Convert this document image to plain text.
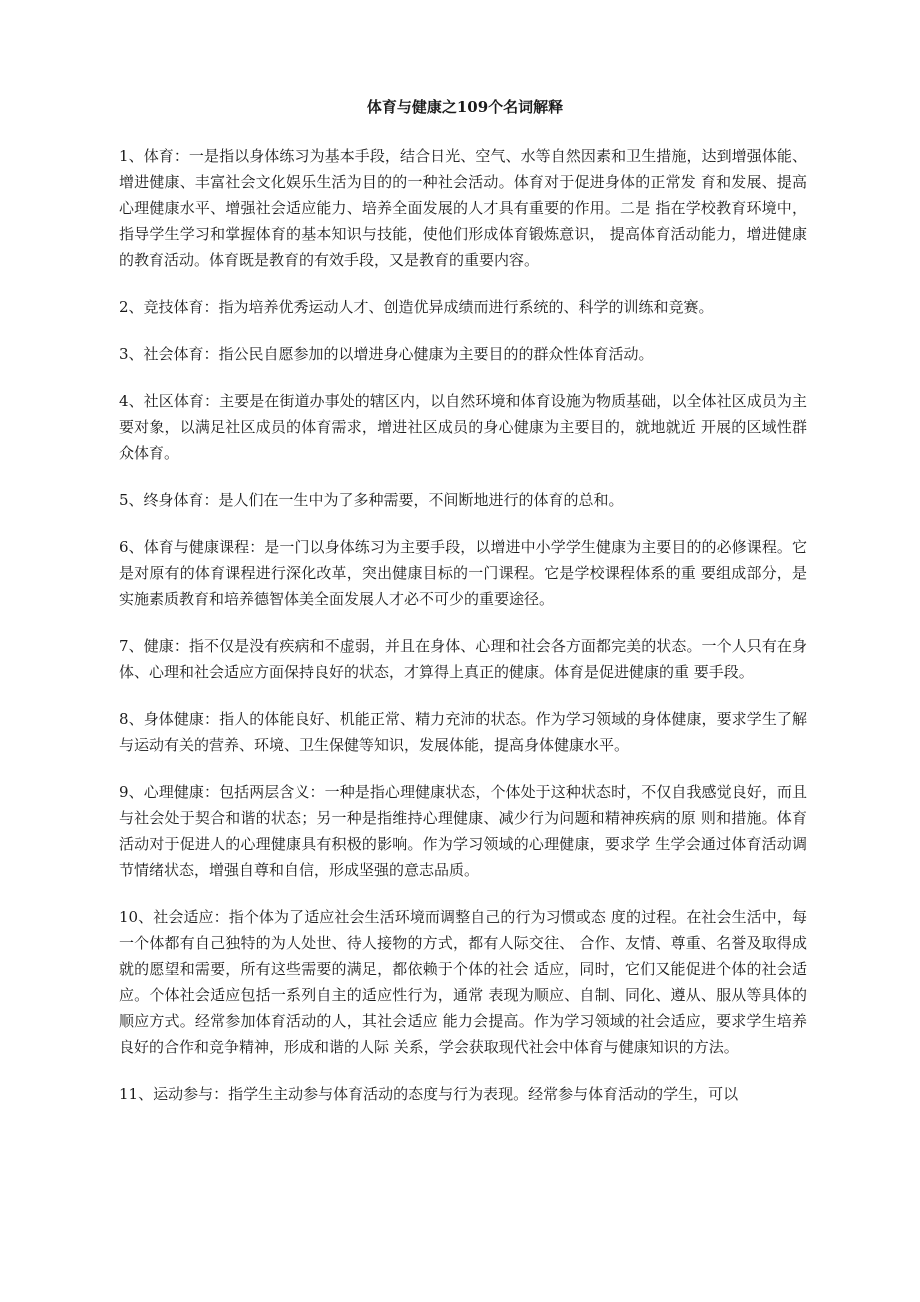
体育与健康之109个名词解释

1、体育：一是指以身体练习为基本手段，结合日光、空气、水等自然因素和卫生措施，达到增强体能、增进健康、丰富社会文化娱乐生活为目的的一种社会活动。体育对于促进身体的正常发 育和发展、提高心理健康水平、增强社会适应能力、培养全面发展的人才具有重要的作用。二是 指在学校教育环境中，指导学生学习和掌握体育的基本知识与技能，使他们形成体育锻炼意识， 提高体育活动能力，增进健康的教育活动。体育既是教育的有效手段，又是教育的重要内容。

2、竞技体育：指为培养优秀运动人才、创造优异成绩而进行系统的、科学的训练和竞赛。

3、社会体育：指公民自愿参加的以增进身心健康为主要目的的群众性体育活动。

4、社区体育：主要是在街道办事处的辖区内，以自然环境和体育设施为物质基础，以全体社区成员为主要对象，以满足社区成员的体育需求，增进社区成员的身心健康为主要目的，就地就近 开展的区域性群众体育。

5、终身体育：是人们在一生中为了多种需要，不间断地进行的体育的总和。

6、体育与健康课程：是一门以身体练习为主要手段，以增进中小学学生健康为主要目的的必修课程。它是对原有的体育课程进行深化改革，突出健康目标的一门课程。它是学校课程体系的重 要组成部分，是实施素质教育和培养德智体美全面发展人才必不可少的重要途径。

7、健康：指不仅是没有疾病和不虚弱，并且在身体、心理和社会各方面都完美的状态。一个人只有在身体、心理和社会适应方面保持良好的状态，才算得上真正的健康。体育是促进健康的重 要手段。

8、身体健康：指人的体能良好、机能正常、精力充沛的状态。作为学习领域的身体健康，要求学生了解与运动有关的营养、环境、卫生保健等知识，发展体能，提高身体健康水平。

9、心理健康：包括两层含义：一种是指心理健康状态，个体处于这种状态时，不仅自我感觉良好，而且与社会处于契合和谐的状态；另一种是指维持心理健康、减少行为问题和精神疾病的原 则和措施。体育活动对于促进人的心理健康具有积极的影响。作为学习领域的心理健康，要求学 生学会通过体育活动调节情绪状态，增强自尊和自信，形成坚强的意志品质。

10、社会适应：指个体为了适应社会生活环境而调整自己的行为习惯或态 度的过程。在社会生活中，每一个体都有自己独特的为人处世、待人接物的方式，都有人际交往、 合作、友情、尊重、名誉及取得成就的愿望和需要，所有这些需要的满足，都依赖于个体的社会 适应，同时，它们又能促进个体的社会适应。个体社会适应包括一系列自主的适应性行为，通常 表现为顺应、自制、同化、遵从、服从等具体的顺应方式。经常参加体育活动的人，其社会适应 能力会提高。作为学习领域的社会适应，要求学生培养良好的合作和竞争精神，形成和谐的人际 关系，学会获取现代社会中体育与健康知识的方法。

11、运动参与：指学生主动参与体育活动的态度与行为表现。经常参与体育活动的学生，可以
